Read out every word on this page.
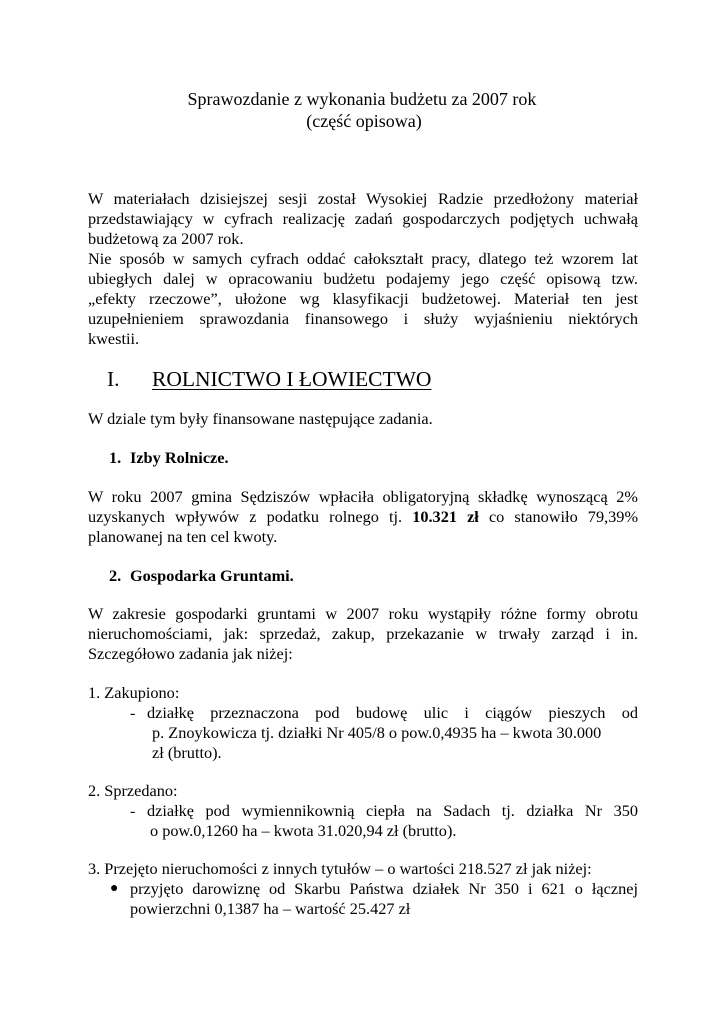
Sprawozdanie z wykonania budżetu za 2007 rok
(część opisowa)
W materiałach dzisiejszej sesji został Wysokiej Radzie przedłożony materiał
przedstawiający w cyfrach realizację zadań gospodarczych podjętych uchwałą
budżetową za 2007 rok.
Nie sposób w samych cyfrach oddać całokształt pracy, dlatego też wzorem lat
ubiegłych dalej w opracowaniu budżetu podajemy jego część opisową tzw.
„efekty rzeczowe”, ułożone wg klasyfikacji budżetowej. Materiał ten jest
uzupełnieniem sprawozdania finansowego i służy wyjaśnieniu niektórych
kwestii.
I. ROLNICTWO I ŁOWIECTWO
W dziale tym były finansowane następujące zadania.
1. Izby Rolnicze.
W roku 2007 gmina Sędziszów wpłaciła obligatoryjną składkę wynoszącą 2%
uzyskanych wpływów z podatku rolnego tj. 10.321 zł co stanowiło 79,39%
planowanej na ten cel kwoty.
2. Gospodarka Gruntami.
W zakresie gospodarki gruntami w 2007 roku wystąpiły różne formy obrotu
nieruchomościami, jak: sprzedaż, zakup, przekazanie w trwały zarząd i in.
Szczegółowo zadania jak niżej:
1. Zakupiono:
- działkę przeznaczona pod budowę ulic i ciągów pieszych od
p. Znoykowicza tj. działki Nr 405/8 o pow.0,4935 ha – kwota 30.000
zł (brutto).
2. Sprzedano:
- działkę pod wymiennikownią ciepła na Sadach tj. działka Nr 350
o pow.0,1260 ha – kwota 31.020,94 zł (brutto).
3. Przejęto nieruchomości z innych tytułów – o wartości 218.527 zł jak niżej:
● przyjęto darowiznę od Skarbu Państwa działek Nr 350 i 621 o łącznej
powierzchni 0,1387 ha – wartość 25.427 zł
